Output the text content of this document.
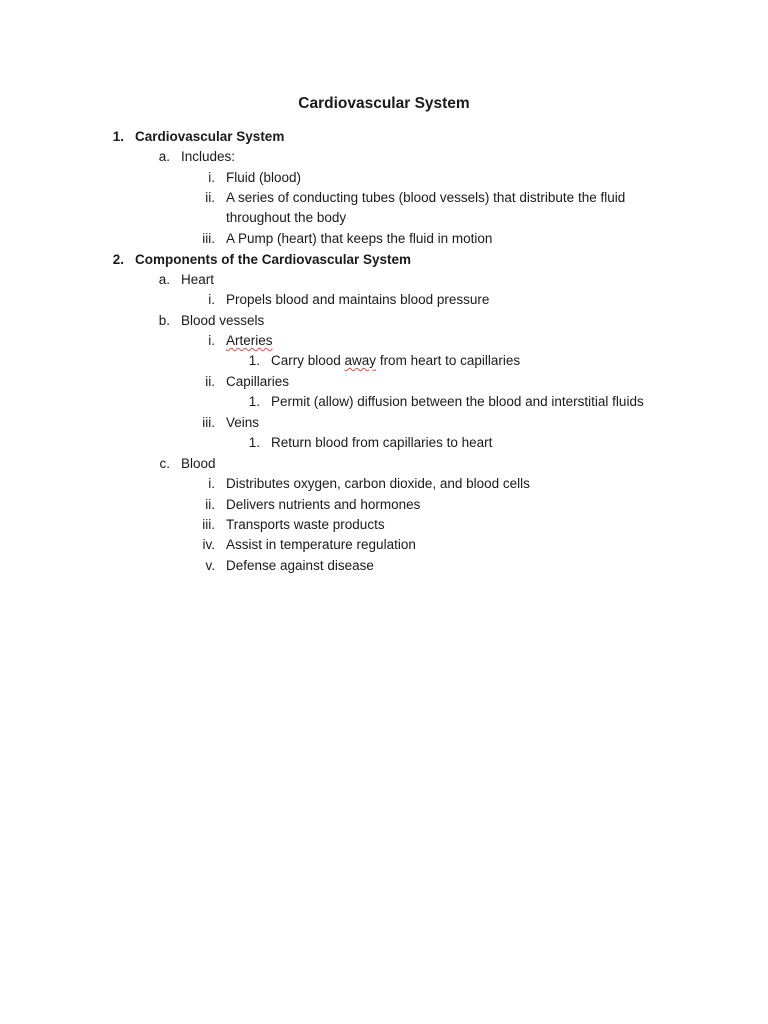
Cardiovascular System
1. Cardiovascular System
a. Includes:
i. Fluid (blood)
ii. A series of conducting tubes (blood vessels) that distribute the fluid
throughout the body
iii. A Pump (heart) that keeps the fluid in motion
2. Components of the Cardiovascular System
a. Heart
i. Propels blood and maintains blood pressure
b. Blood vessels
i. Arteries
1. Carry blood away from heart to capillaries
ii. Capillaries
1. Permit (allow) diffusion between the blood and interstitial fluids
iii. Veins
1. Return blood from capillaries to heart
c. Blood
i. Distributes oxygen, carbon dioxide, and blood cells
ii. Delivers nutrients and hormones
iii. Transports waste products
iv. Assist in temperature regulation
v. Defense against disease
